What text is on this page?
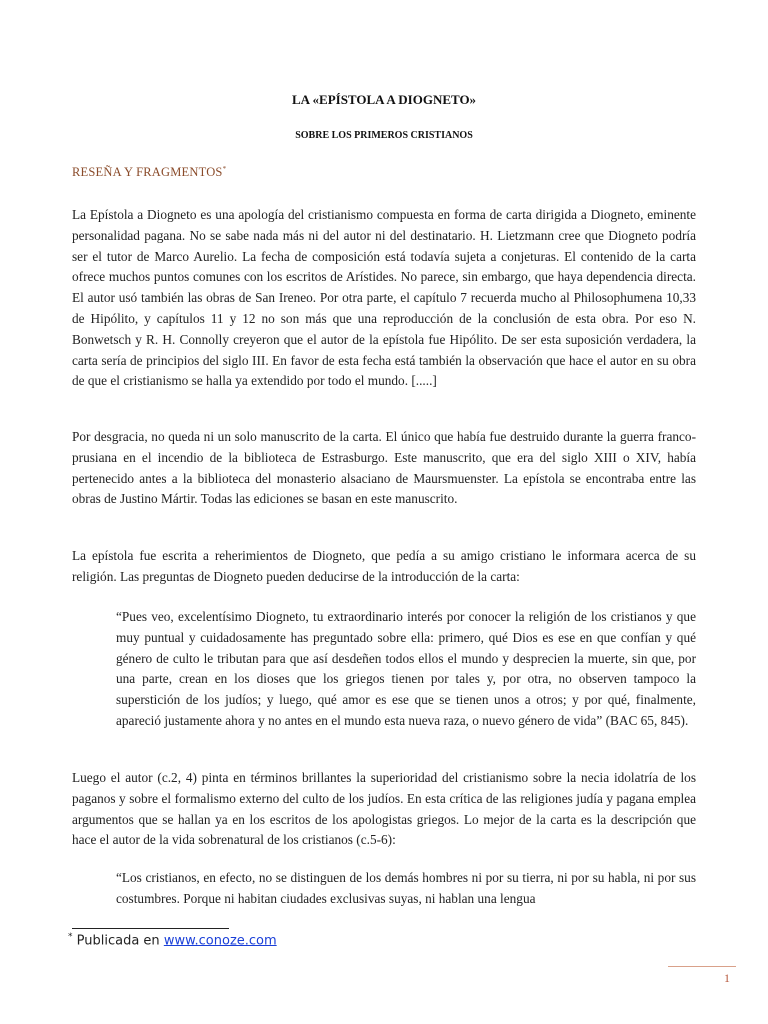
LA «EPÍSTOLA A DIOGNETO»
SOBRE LOS PRIMEROS CRISTIANOS
RESEÑA Y FRAGMENTOS*
La Epístola a Diogneto es una apología del cristianismo compuesta en forma de carta dirigida a Diogneto, eminente personalidad pagana. No se sabe nada más ni del autor ni del destinatario. H. Lietzmann cree que Diogneto podría ser el tutor de Marco Aurelio. La fecha de composición está todavía sujeta a conjeturas. El contenido de la carta ofrece muchos puntos comunes con los escritos de Arístides. No parece, sin embargo, que haya dependencia directa. El autor usó también las obras de San Ireneo. Por otra parte, el capítulo 7 recuerda mucho al Philosophumena 10,33 de Hipólito, y capítulos 11 y 12 no son más que una reproducción de la conclusión de esta obra. Por eso N. Bonwetsch y R. H. Connolly creyeron que el autor de la epístola fue Hipólito. De ser esta suposición verdadera, la carta sería de principios del siglo III. En favor de esta fecha está también la observación que hace el autor en su obra de que el cristianismo se halla ya extendido por todo el mundo. [.....]
Por desgracia, no queda ni un solo manuscrito de la carta. El único que había fue destruido durante la guerra franco-prusiana en el incendio de la biblioteca de Estrasburgo. Este manuscrito, que era del siglo XIII o XIV, había pertenecido antes a la biblioteca del monasterio alsaciano de Maursmuenster. La epístola se encontraba entre las obras de Justino Mártir. Todas las ediciones se basan en este manuscrito.
La epístola fue escrita a reherimientos de Diogneto, que pedía a su amigo cristiano le informara acerca de su religión. Las preguntas de Diogneto pueden deducirse de la introducción de la carta:
“Pues veo, excelentísimo Diogneto, tu extraordinario interés por conocer la religión de los cristianos y que muy puntual y cuidadosamente has preguntado sobre ella: primero, qué Dios es ese en que confían y qué género de culto le tributan para que así desdeñen todos ellos el mundo y desprecien la muerte, sin que, por una parte, crean en los dioses que los griegos tienen por tales y, por otra, no observen tampoco la superstición de los judíos; y luego, qué amor es ese que se tienen unos a otros; y por qué, finalmente, apareció justamente ahora y no antes en el mundo esta nueva raza, o nuevo género de vida” (BAC 65, 845).
Luego el autor (c.2, 4) pinta en términos brillantes la superioridad del cristianismo sobre la necia idolatría de los paganos y sobre el formalismo externo del culto de los judíos. En esta crítica de las religiones judía y pagana emplea argumentos que se hallan ya en los escritos de los apologistas griegos. Lo mejor de la carta es la descripción que hace el autor de la vida sobrenatural de los cristianos (c.5-6):
“Los cristianos, en efecto, no se distinguen de los demás hombres ni por su tierra, ni por su habla, ni por sus costumbres. Porque ni habitan ciudades exclusivas suyas, ni hablan una lengua
* Publicada en www.conoze.com
1
